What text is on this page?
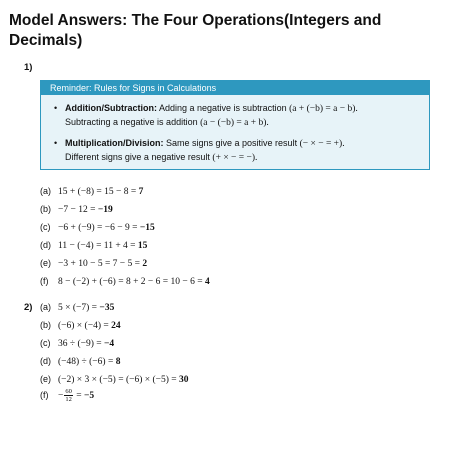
Model Answers: The Four Operations(Integers and Decimals)
1)
Reminder: Rules for Signs in Calculations
• Addition/Subtraction: Adding a negative is subtraction (a + (−b) = a − b).
Subtracting a negative is addition (a − (−b) = a + b).
• Multiplication/Division: Same signs give a positive result (− × − = +).
Different signs give a negative result (+ × − = −).
(a) 15 + (−8) = 15 − 8 = 7
(b) −7 − 12 = −19
(c) −6 + (−9) = −6 − 9 = −15
(d) 11 − (−4) = 11 + 4 = 15
(e) −3 + 10 − 5 = 7 − 5 = 2
(f) 8 − (−2) + (−6) = 8 + 2 − 6 = 10 − 6 = 4
2) (a) 5 × (−7) = −35
(b) (−6) × (−4) = 24
(c) 36 ÷ (−9) = −4
(d) (−48) ÷ (−6) = 8
(e) (−2) × 3 × (−5) = (−6) × (−5) = 30
$(f) - \frac{60}{12} = -5$
